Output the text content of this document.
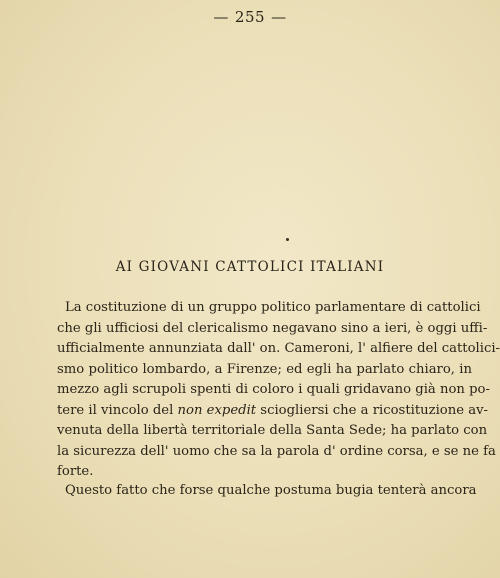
— 255 —
AI GIOVANI CATTOLICI ITALIANI
La costituzione di un gruppo politico parlamentare di cattolici
che gli ufficiosi del clericalismo negavano sino a ieri, è oggi uffi-
ufficialmente annunziata dall' on. Cameroni, l' alfiere del cattolici-
smo politico lombardo, a Firenze; ed egli ha parlato chiaro, in
mezzo agli scrupoli spenti di coloro i quali gridavano già non po-
tere il vincolo del non expedit sciogliersi che a ricostituzione av-
venuta della libertà territoriale della Santa Sede; ha parlato con
la sicurezza dell' uomo che sa la parola d' ordine corsa, e se ne fa
forte.
Questo fatto che forse qualche postuma bugia tenterà ancora
